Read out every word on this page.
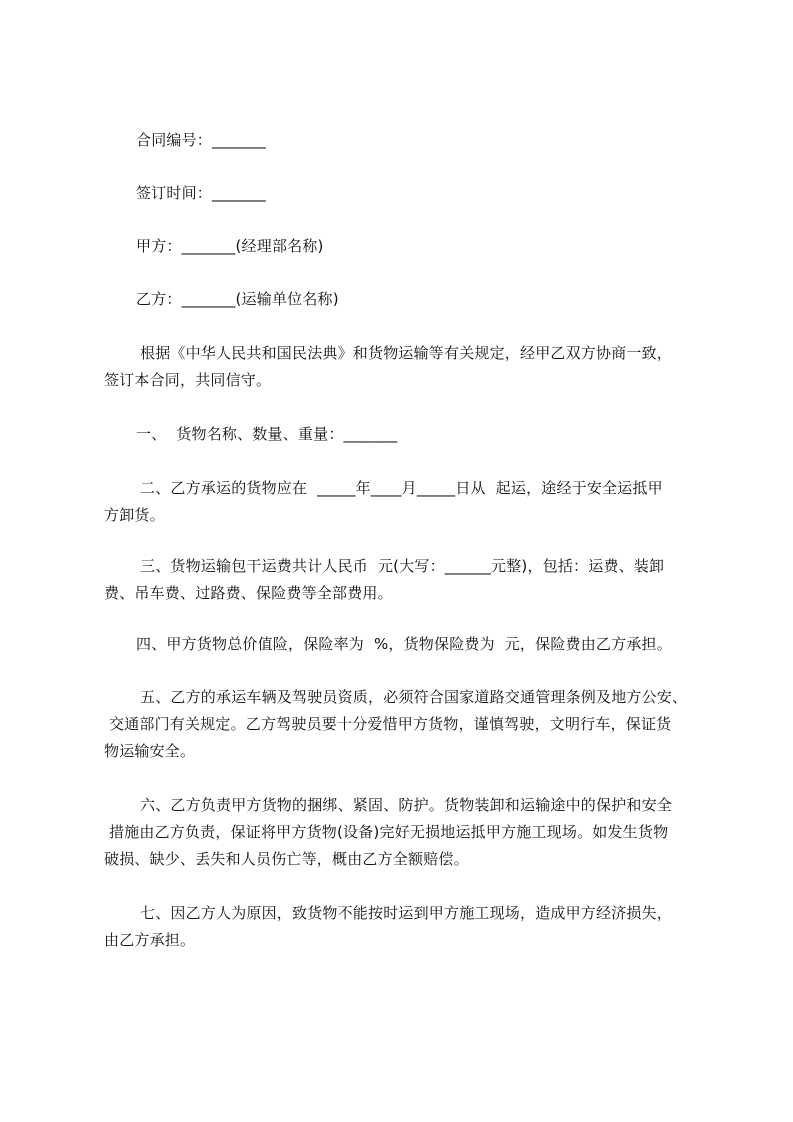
合同编号：_______
签订时间：_______
甲方：_______(经理部名称)
乙方：_______(运输单位名称)
根据《中华人民共和国民法典》和货物运输等有关规定，经甲乙双方协商一致，
签订本合同，共同信守。
一、  货物名称、数量、重量：_______
二、乙方承运的货物应在  _____年____月_____日从  起运，途经于安全运抵甲
方卸货。
三、货物运输包干运费共计人民币  元(大写：______元整)，包括：运费、装卸
费、吊车费、过路费、保险费等全部费用。
四、甲方货物总价值险，保险率为  %，货物保险费为  元，保险费由乙方承担。
五、乙方的承运车辆及驾驶员资质，必须符合国家道路交通管理条例及地方公安、
交通部门有关规定。乙方驾驶员要十分爱惜甲方货物，谨慎驾驶，文明行车，保证货
物运输安全。
六、乙方负责甲方货物的捆绑、紧固、防护。货物装卸和运输途中的保护和安全
措施由乙方负责，保证将甲方货物(设备)完好无损地运抵甲方施工现场。如发生货物
破损、缺少、丢失和人员伤亡等，概由乙方全额赔偿。
七、因乙方人为原因，致货物不能按时运到甲方施工现场，造成甲方经济损失，
由乙方承担。
